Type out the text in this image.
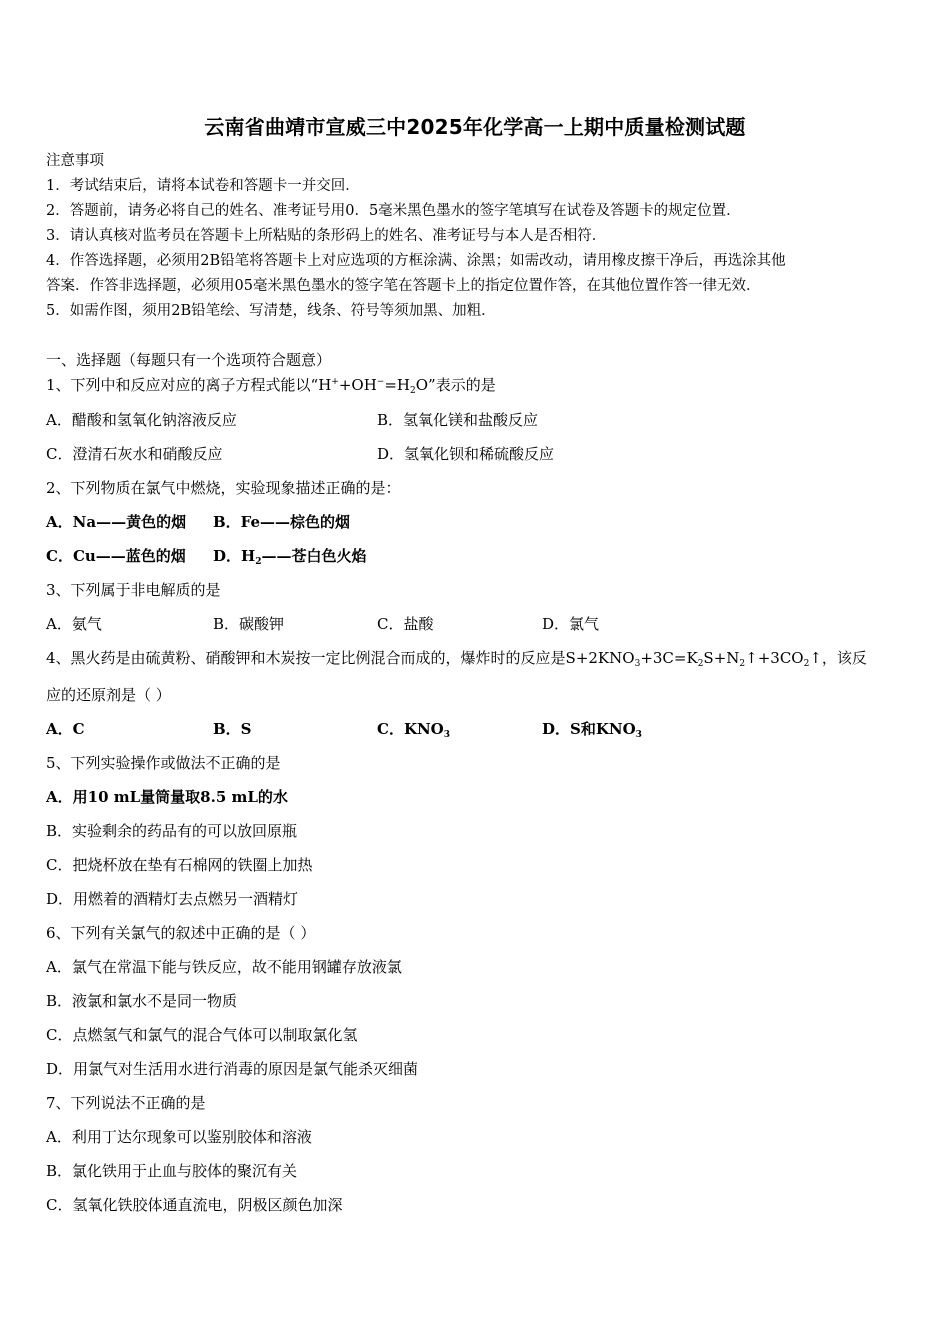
云南省曲靖市宣威三中2025年化学高一上期中质量检测试题
注意事项
1．考试结束后，请将本试卷和答题卡一并交回．
2．答题前，请务必将自己的姓名、准考证号用0．5毫米黑色墨水的签字笔填写在试卷及答题卡的规定位置．
3．请认真核对监考员在答题卡上所粘贴的条形码上的姓名、准考证号与本人是否相符．
4．作答选择题，必须用2B铅笔将答题卡上对应选项的方框涂满、涂黑；如需改动，请用橡皮擦干净后，再选涂其他
答案．作答非选择题，必须用05毫米黑色墨水的签字笔在答题卡上的指定位置作答，在其他位置作答一律无效．
5．如需作图，须用2B铅笔绘、写清楚，线条、符号等须加黑、加粗．
一、选择题（每题只有一个选项符合题意）
1、下列中和反应对应的离子方程式能以“$H^++OH^-=H_2O$”表示的是
A．醋酸和氢氧化钠溶液反应	B．氢氧化镁和盐酸反应
C．澄清石灰水和硝酸反应	D．氢氧化钡和稀硫酸反应
2、下列物质在氯气中燃烧，实验现象描述正确的是：
A．Na——黄色的烟 B．Fe——棕色的烟
C．Cu——蓝色的烟 D．$H_2——$苍白色火焰
3、下列属于非电解质的是
A．氨气	B．碳酸钾	C．盐酸	D．氯气
4、黑火药是由硫黄粉、硝酸钾和木炭按一定比例混合而成的，爆炸时的反应是$S+2KNO_3+3C=K_2S+N_2↑+3CO_2↑$，该反
应的还原剂是（ ）
A．C	B．S	C．$KNO_3$	D．S和$KNO_3$
5、下列实验操作或做法不正确的是
A．用10 mL量筒量取8.5 mL的水
B．实验剩余的药品有的可以放回原瓶
C．把烧杯放在垫有石棉网的铁圈上加热
D．用燃着的酒精灯去点燃另一酒精灯
6、下列有关氯气的叙述中正确的是（ ）
A．氯气在常温下能与铁反应，故不能用钢罐存放液氯
B．液氯和氯水不是同一物质
C．点燃氢气和氯气的混合气体可以制取氯化氢
D．用氯气对生活用水进行消毒的原因是氯气能杀灭细菌
7、下列说法不正确的是
A．利用丁达尔现象可以鉴别胶体和溶液
B．氯化铁用于止血与胶体的聚沉有关
C．氢氧化铁胶体通直流电，阴极区颜色加深
